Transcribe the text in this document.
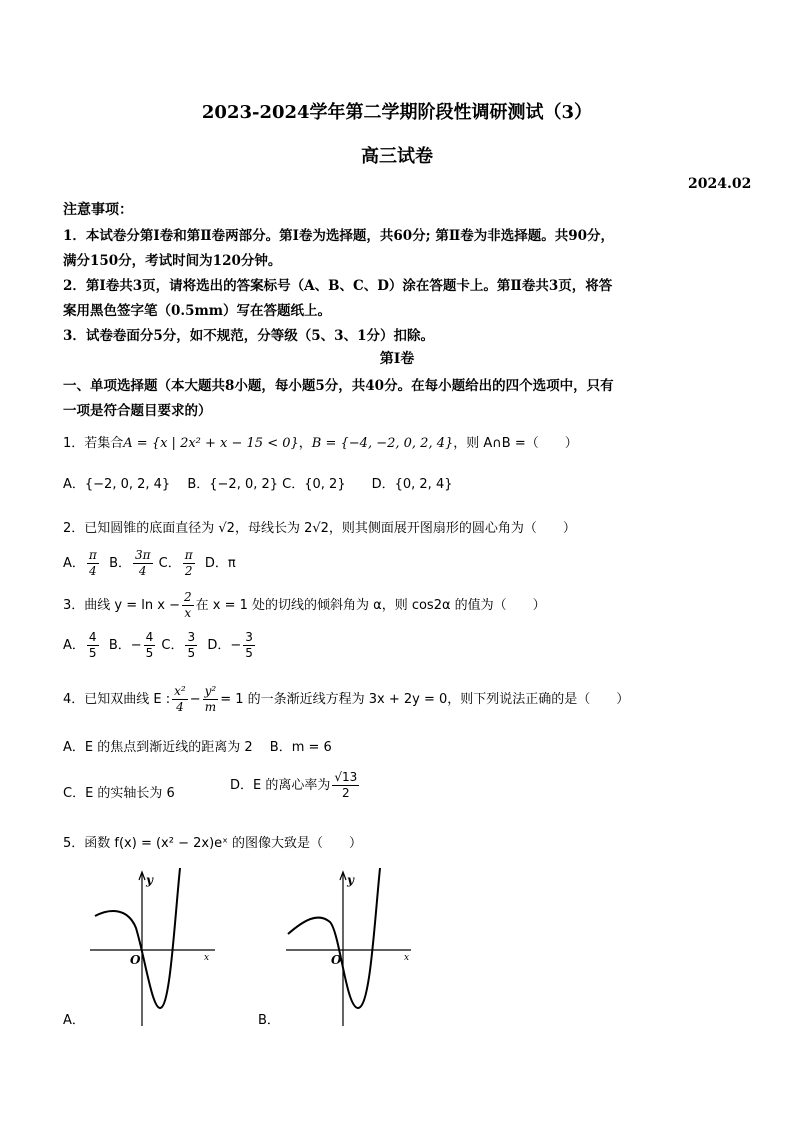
2023-2024学年第二学期阶段性调研测试（3）
高三试卷
2024.02
注意事项：
1．本试卷分第Ⅰ卷和第Ⅱ卷两部分。第Ⅰ卷为选择题，共60分; 第Ⅱ卷为非选择题。共90分，
满分150分，考试时间为120分钟。
2．第Ⅰ卷共3页，请将选出的答案标号（A、B、C、D）涂在答题卡上。第Ⅱ卷共3页，将答
案用黑色签字笔（0.5mm）写在答题纸上。
3．试卷卷面分5分，如不规范，分等级（5、3、1分）扣除。
第Ⅰ卷
一、单项选择题（本大题共8小题，每小题5分，共40分。在每小题给出的四个选项中，只有
一项是符合题目要求的）
1．若集合A = {x | 2x² + x − 15 < 0}，B = {−4, −2, 0, 2, 4}，则 A∩B =（　　）
A．{−2, 0, 2, 4}　 B．{−2, 0, 2} C．{0, 2}　　D．{0, 2, 4}
2．已知圆锥的底面直径为 √2，母线长为 2√2，则其侧面展开图扇形的圆心角为（　　）
A． $\frac{\pi}{4}$ B． $\frac{3\pi}{4}$ C． $\frac{\pi}{2}$ D．π
3．曲线 $y = \ln x - \frac{2}{x}$ 在 x = 1 处的切线的倾斜角为 α，则 cos2α 的值为（　　）
A． $\frac{4}{5}$ B．− $\frac{4}{5}$ C． $\frac{3}{5}$ D．− $\frac{3}{5}$
4．已知双曲线 E : $\frac{\text{x²}}{4} - \frac{\text{y²}}{m} = 1$ 的一条渐近线方程为 3x + 2y = 0，则下列说法正确的是（　　）
A．E 的焦点到渐近线的距离为 2　 B．m = 6
C．E 的实轴长为 6
D．E 的离心率为 $\frac{√13}{2}$
5．函数 f(x) = (x² − 2x)eˣ 的图像大致是（　　）
y
O	x
A．
y
O	x
B．
